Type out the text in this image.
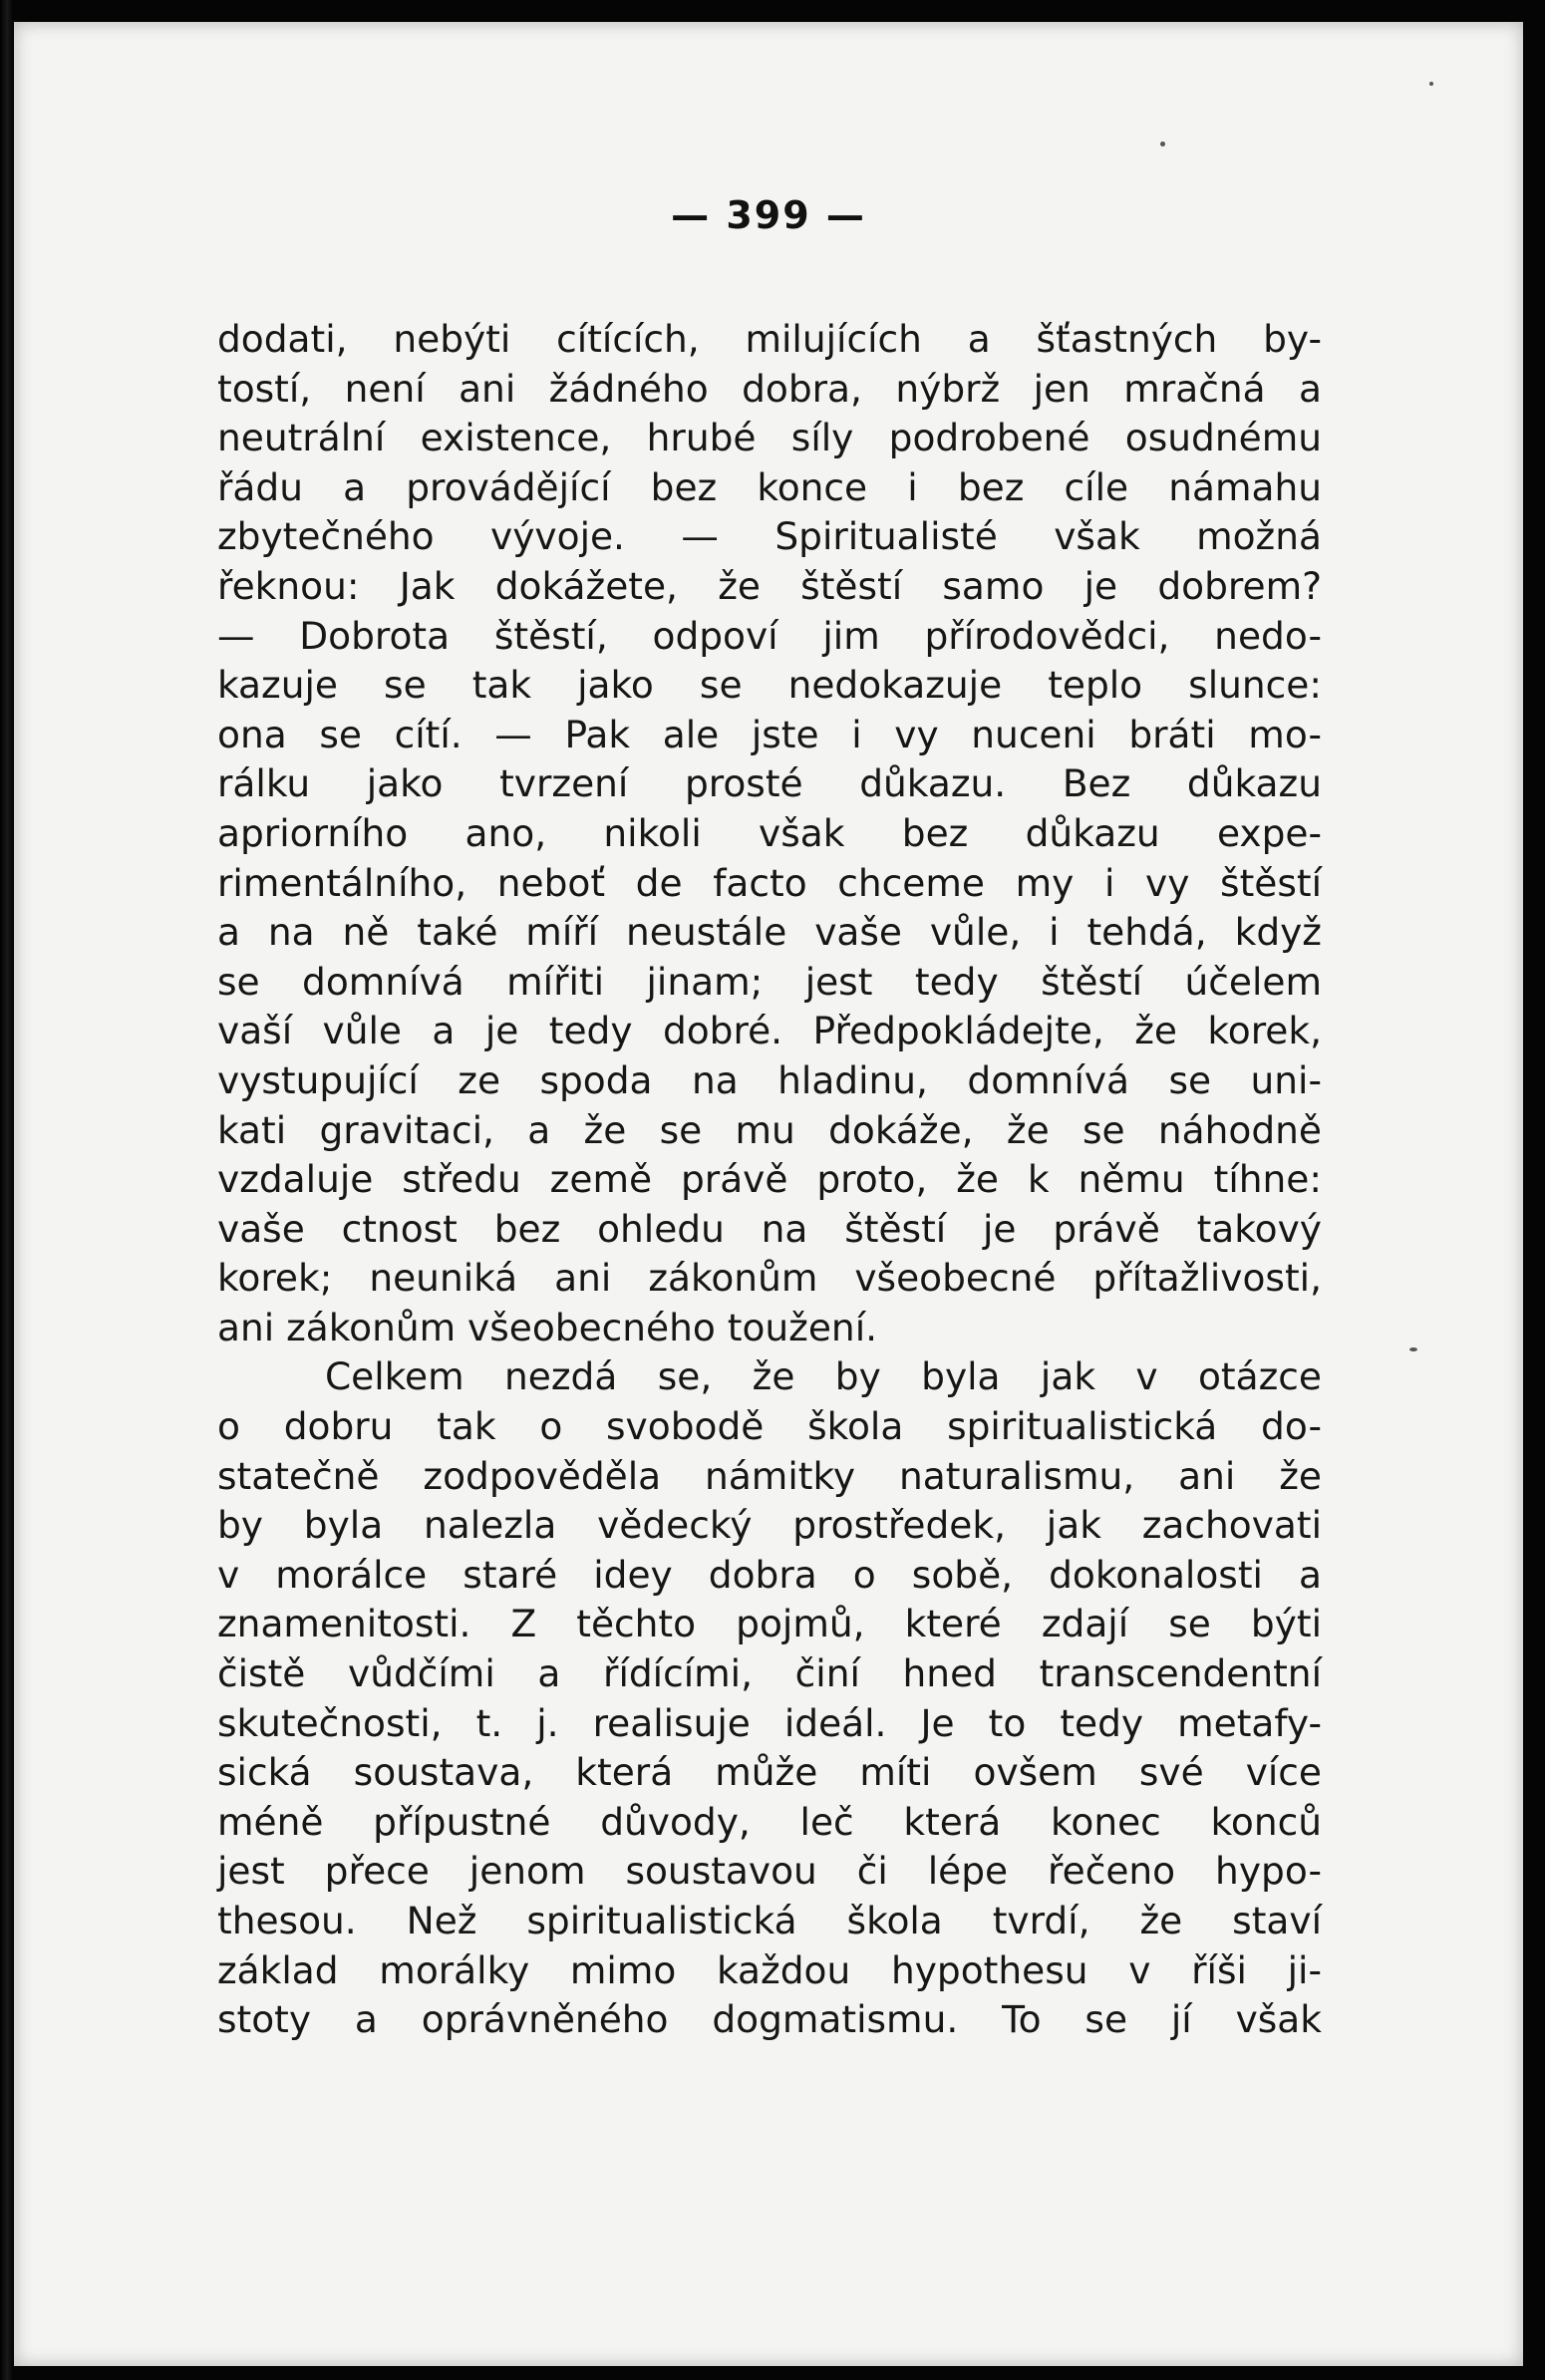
— 399 —
dodati, nebýti cítících, milujících a šťastných by-
tostí, není ani žádného dobra, nýbrž jen mračná a
neutrální existence, hrubé síly podrobené osudnému
řádu a provádějící bez konce i bez cíle námahu
zbytečného vývoje. — Spiritualisté však možná
řeknou: Jak dokážete, že štěstí samo je dobrem?
— Dobrota štěstí, odpoví jim přírodovědci, nedo-
kazuje se tak jako se nedokazuje teplo slunce:
ona se cítí. — Pak ale jste i vy nuceni bráti mo-
rálku jako tvrzení prosté důkazu. Bez důkazu
apriorního ano, nikoli však bez důkazu expe-
rimentálního, neboť de facto chceme my i vy štěstí
a na ně také míří neustále vaše vůle, i tehdá, když
se domnívá mířiti jinam; jest tedy štěstí účelem
vaší vůle a je tedy dobré. Předpokládejte, že korek,
vystupující ze spoda na hladinu, domnívá se uni-
kati gravitaci, a že se mu dokáže, že se náhodně
vzdaluje středu země právě proto, že k němu tíhne:
vaše ctnost bez ohledu na štěstí je právě takový
korek; neuniká ani zákonům všeobecné přítažlivosti,
ani zákonům všeobecného toužení.
Celkem nezdá se, že by byla jak v otázce
o dobru tak o svobodě škola spiritualistická do-
statečně zodpověděla námitky naturalismu, ani že
by byla nalezla vědecký prostředek, jak zachovati
v morálce staré idey dobra o sobě, dokonalosti a
znamenitosti. Z těchto pojmů, které zdají se býti
čistě vůdčími a řídícími, činí hned transcendentní
skutečnosti, t. j. realisuje ideál. Je to tedy metafy-
sická soustava, která může míti ovšem své více
méně přípustné důvody, leč která konec konců
jest přece jenom soustavou či lépe řečeno hypo-
thesou. Než spiritualistická škola tvrdí, že staví
základ morálky mimo každou hypothesu v říši ji-
stoty a oprávněného dogmatismu. To se jí však
